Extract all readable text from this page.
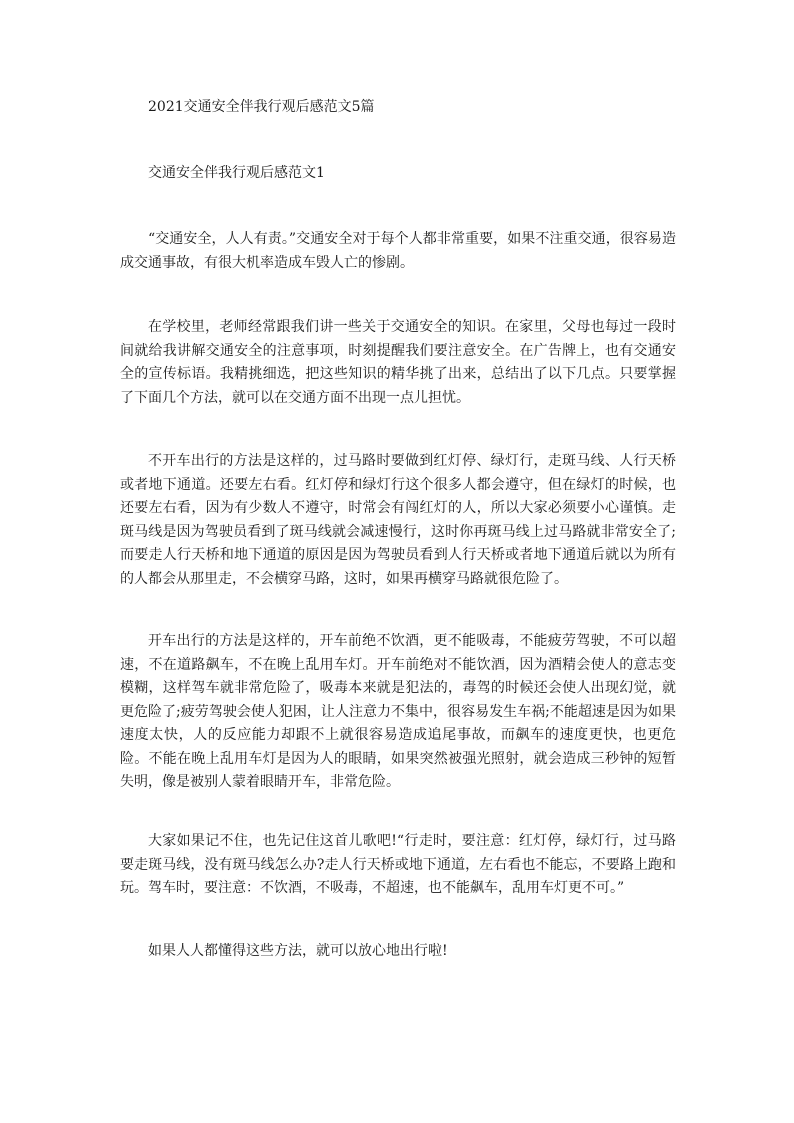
2021交通安全伴我行观后感范文5篇
交通安全伴我行观后感范文1

“交通安全，人人有责。”交通安全对于每个人都非常重要，如果不注重交通，很容易造成交通事故，有很大机率造成车毁人亡的惨剧。

在学校里，老师经常跟我们讲一些关于交通安全的知识。在家里，父母也每过一段时间就给我讲解交通安全的注意事项，时刻提醒我们要注意安全。在广告牌上，也有交通安全的宣传标语。我精挑细选，把这些知识的精华挑了出来，总结出了以下几点。只要掌握了下面几个方法，就可以在交通方面不出现一点儿担忧。

不开车出行的方法是这样的，过马路时要做到红灯停、绿灯行，走斑马线、人行天桥或者地下通道。还要左右看。红灯停和绿灯行这个很多人都会遵守，但在绿灯的时候，也还要左右看，因为有少数人不遵守，时常会有闯红灯的人，所以大家必须要小心谨慎。走斑马线是因为驾驶员看到了斑马线就会减速慢行，这时你再斑马线上过马路就非常安全了;而要走人行天桥和地下通道的原因是因为驾驶员看到人行天桥或者地下通道后就以为所有的人都会从那里走，不会横穿马路，这时，如果再横穿马路就很危险了。

开车出行的方法是这样的，开车前绝不饮酒，更不能吸毒，不能疲劳驾驶，不可以超速，不在道路飙车，不在晚上乱用车灯。开车前绝对不能饮酒，因为酒精会使人的意志变模糊，这样驾车就非常危险了，吸毒本来就是犯法的，毒驾的时候还会使人出现幻觉，就更危险了;疲劳驾驶会使人犯困，让人注意力不集中，很容易发生车祸;不能超速是因为如果速度太快，人的反应能力却跟不上就很容易造成追尾事故，而飙车的速度更快，也更危险。不能在晚上乱用车灯是因为人的眼睛，如果突然被强光照射，就会造成三秒钟的短暂失明，像是被别人蒙着眼睛开车，非常危险。

大家如果记不住，也先记住这首儿歌吧!“行走时，要注意：红灯停，绿灯行，过马路要走斑马线，没有斑马线怎么办?走人行天桥或地下通道，左右看也不能忘，不要路上跑和玩。驾车时，要注意：不饮酒，不吸毒，不超速，也不能飙车，乱用车灯更不可。”

如果人人都懂得这些方法，就可以放心地出行啦!
